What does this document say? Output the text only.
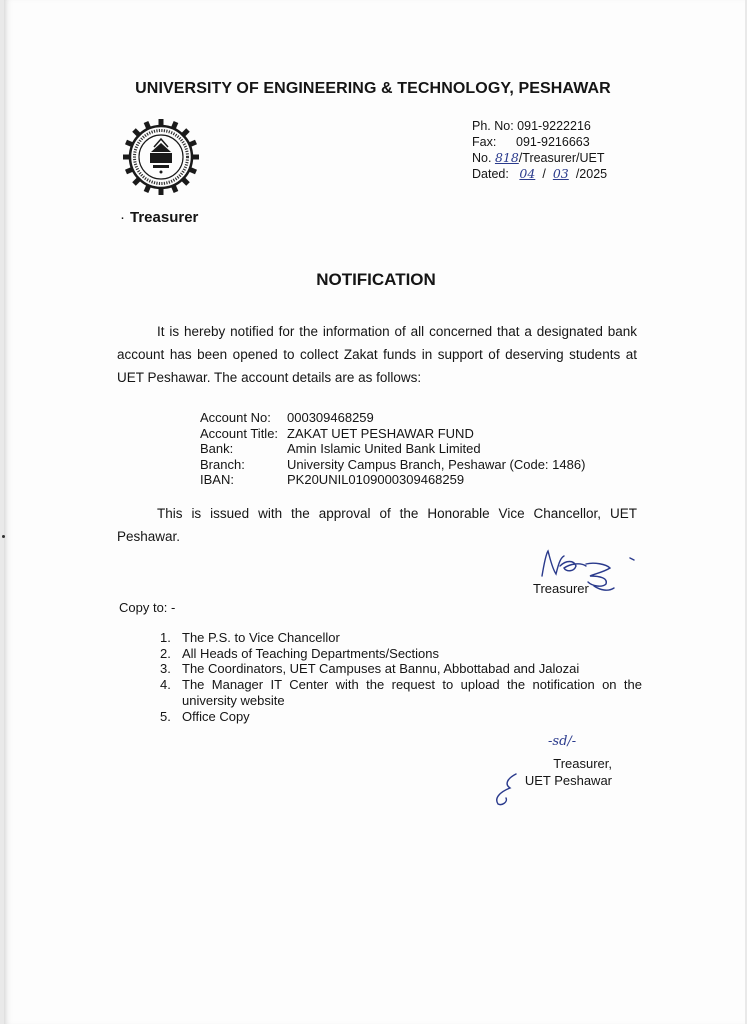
UNIVERSITY OF ENGINEERING & TECHNOLOGY, PESHAWAR
Ph. No: 091-9222216
Fax: 091-9216663
No. 818/Treasurer/UET
Dated: 04 / 03 /2025
· Treasurer
NOTIFICATION
It is hereby notified for the information of all concerned that a designated bank account has been opened to collect Zakat funds in support of deserving students at UET Peshawar. The account details are as follows:
Account No:	000309468259
Account Title:	ZAKAT UET PESHAWAR FUND
Bank:	Amin Islamic United Bank Limited
Branch:	University Campus Branch, Peshawar (Code: 1486)
IBAN:	PK20UNIL0109000309468259
This is issued with the approval of the Honorable Vice Chancellor, UET Peshawar.
Treasurer
Copy to: -
1. The P.S. to Vice Chancellor
2. All Heads of Teaching Departments/Sections
3. The Coordinators, UET Campuses at Bannu, Abbottabad and Jalozai
4. The Manager IT Center with the request to upload the notification on the university website
5. Office Copy
-sd/-
Treasurer,
UET Peshawar
